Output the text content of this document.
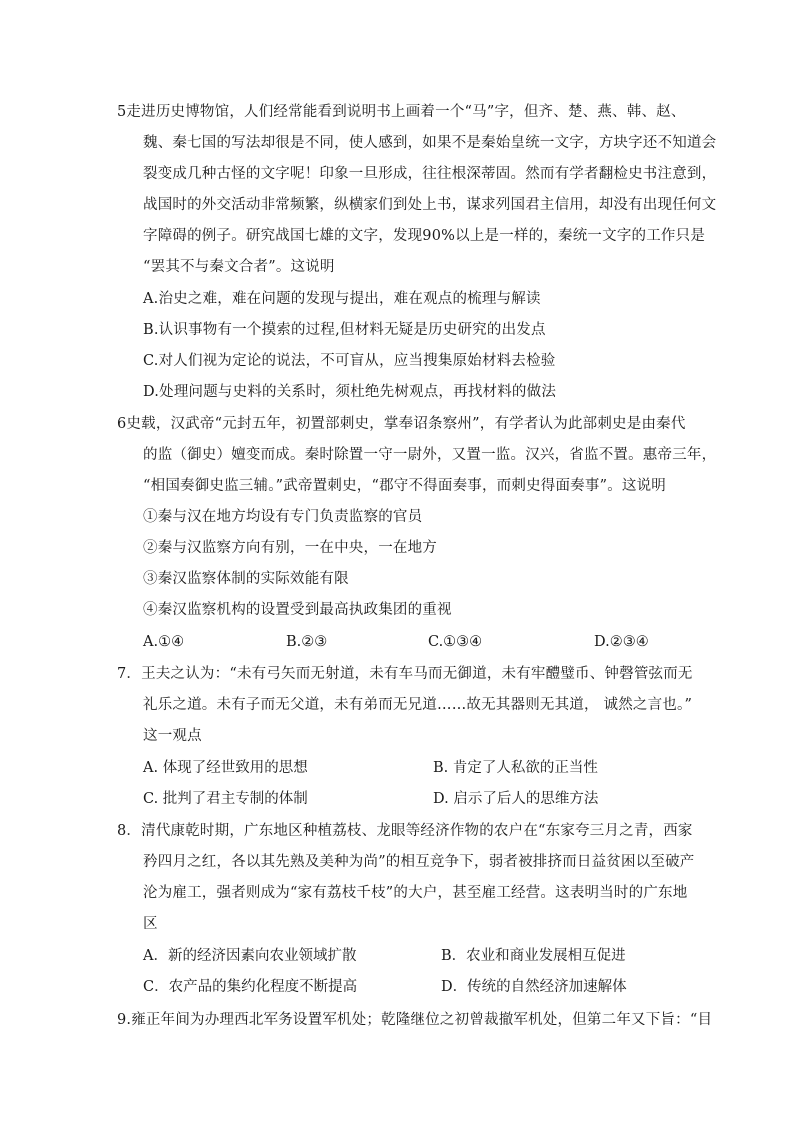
5走进历史博物馆，人们经常能看到说明书上画着一个“马”字，但齐、楚、燕、韩、赵、
魏、秦七国的写法却很是不同，使人感到，如果不是秦始皇统一文字，方块字还不知道会
裂变成几种古怪的文字呢！印象一旦形成，往往根深蒂固。然而有学者翻检史书注意到，
战国时的外交活动非常频繁，纵横家们到处上书，谋求列国君主信用，却没有出现任何文
字障碍的例子。研究战国七雄的文字，发现90%以上是一样的，秦统一文字的工作只是
“罢其不与秦文合者”。这说明
A.治史之难，难在问题的发现与提出，难在观点的梳理与解读
B.认识事物有一个摸索的过程,但材料无疑是历史研究的出发点
C.对人们视为定论的说法，不可盲从，应当搜集原始材料去检验
D.处理问题与史料的关系时，须杜绝先树观点，再找材料的做法
6史载，汉武帝“元封五年，初置部刺史，掌奉诏条察州”，有学者认为此部刺史是由秦代
的监（御史）嬗变而成。秦时除置一守一尉外，又置一监。汉兴，省监不置。惠帝三年，
“相国奏御史监三辅。”武帝置刺史，“郡守不得面奏事，而刺史得面奏事”。这说明
①秦与汉在地方均设有专门负责监察的官员
②秦与汉监察方向有别，一在中央，一在地方
③秦汉监察体制的实际效能有限
④秦汉监察机构的设置受到最高执政集团的重视
A.①④	B.②③	C.①③④	D.②③④
7．王夫之认为：“未有弓矢而无射道，未有车马而无御道，未有牢醴璧币、钟磬管弦而无
礼乐之道。未有子而无父道，未有弟而无兄道……故无其器则无其道， 诚然之言也。”
这一观点
A. 体现了经世致用的思想	B. 肯定了人私欲的正当性
C. 批判了君主专制的体制	D. 启示了后人的思维方法
8．清代康乾时期，广东地区种植荔枝、龙眼等经济作物的农户在“东家夸三月之青，西家
矜四月之红，各以其先熟及美种为尚”的相互竞争下，弱者被排挤而日益贫困以至破产
沦为雇工，强者则成为“家有荔枝千枝”的大户，甚至雇工经营。这表明当时的广东地
区
A．新的经济因素向农业领域扩散	B．农业和商业发展相互促进
C．农产品的集约化程度不断提高	D．传统的自然经济加速解体
9.雍正年间为办理西北军务设置军机处；乾隆继位之初曾裁撤军机处，但第二年又下旨：“目
